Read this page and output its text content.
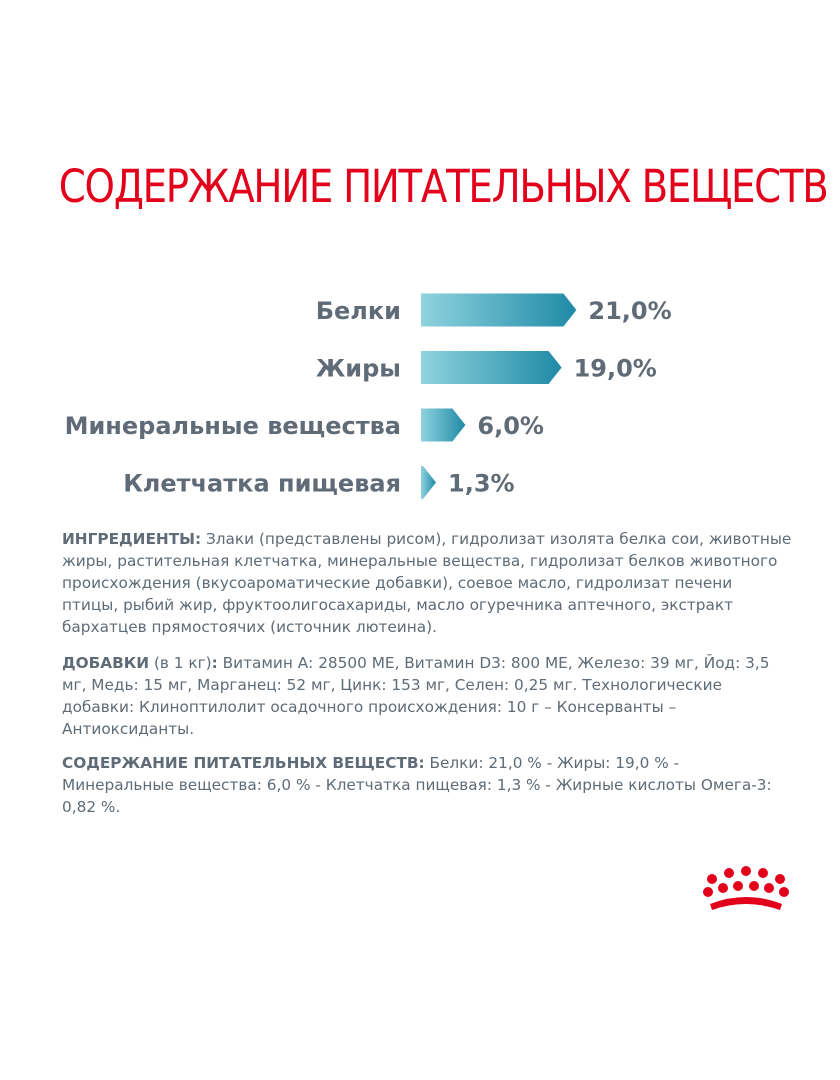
СОДЕРЖАНИЕ ПИТАТЕЛЬНЫХ ВЕЩЕСТВ
Белки	21,0%
Жиры	19,0%
Минеральные вещества	6,0%
Клетчатка пищевая 1,3%
ИНГРЕДИЕНТЫ: Злаки (представлены рисом), гидролизат изолята белка сои, животные жиры, растительная клетчатка, минеральные вещества, гидролизат белков животного происхождения (вкусоароматические добавки), соевое масло, гидролизат печени птицы, рыбий жир, фруктоолигосахариды, масло огуречника аптечного, экстракт бархатцев прямостоячих (источник лютеина).
ДОБАВКИ (в 1 кг): Витамин А: 28500 МЕ, Витамин D3: 800 МЕ, Железо: 39 мг, Йод: 3,5 мг, Медь: 15 мг, Марганец: 52 мг, Цинк: 153 мг, Селен: 0,25 мг. Технологические добавки: Клиноптилолит осадочного происхождения: 10 г – Консерванты – Антиоксиданты.
СОДЕРЖАНИЕ ПИТАТЕЛЬНЫХ ВЕЩЕСТВ: Белки: 21,0 % - Жиры: 19,0 % - Минеральные вещества: 6,0 % - Клетчатка пищевая: 1,3 % - Жирные кислоты Омега-3: 0,82 %.
